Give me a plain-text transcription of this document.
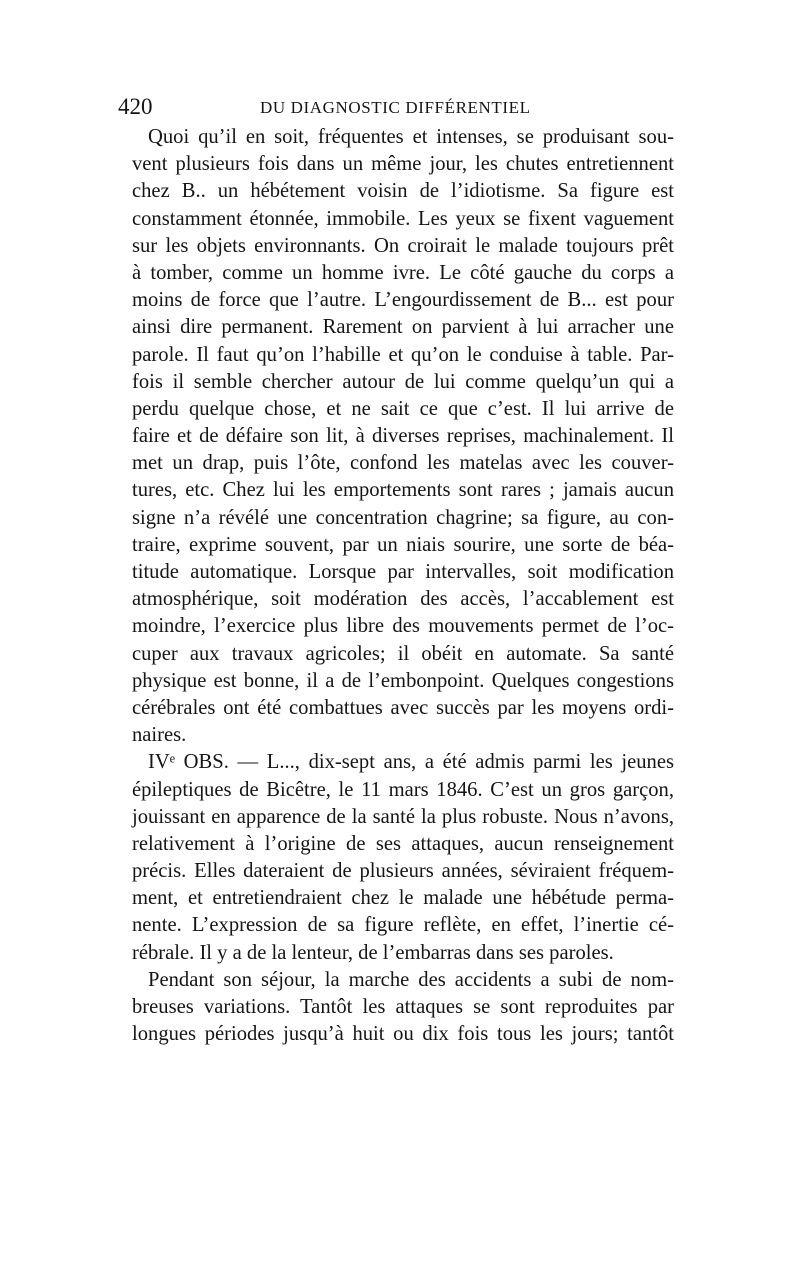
420	DU DIAGNOSTIC DIFFÉRENTIEL
Quoi qu’il en soit, fréquentes et intenses, se produisant sou-
vent plusieurs fois dans un même jour, les chutes entretiennent
chez B.. un hébétement voisin de l’idiotisme. Sa figure est
constamment étonnée, immobile. Les yeux se fixent vaguement
sur les objets environnants. On croirait le malade toujours prêt
à tomber, comme un homme ivre. Le côté gauche du corps a
moins de force que l’autre. L’engourdissement de B... est pour
ainsi dire permanent. Rarement on parvient à lui arracher une
parole. Il faut qu’on l’habille et qu’on le conduise à table. Par-
fois il semble chercher autour de lui comme quelqu’un qui a
perdu quelque chose, et ne sait ce que c’est. Il lui arrive de
faire et de défaire son lit, à diverses reprises, machinalement. Il
met un drap, puis l’ôte, confond les matelas avec les couver-
tures, etc. Chez lui les emportements sont rares ; jamais aucun
signe n’a révélé une concentration chagrine; sa figure, au con-
traire, exprime souvent, par un niais sourire, une sorte de béa-
titude automatique. Lorsque par intervalles, soit modification
atmosphérique, soit modération des accès, l’accablement est
moindre, l’exercice plus libre des mouvements permet de l’oc-
cuper aux travaux agricoles; il obéit en automate. Sa santé
physique est bonne, il a de l’embonpoint. Quelques congestions
cérébrales ont été combattues avec succès par les moyens ordi-
naires.
IVᵉ OBS. — L..., dix-sept ans, a été admis parmi les jeunes
épileptiques de Bicêtre, le 11 mars 1846. C’est un gros garçon,
jouissant en apparence de la santé la plus robuste. Nous n’avons,
relativement à l’origine de ses attaques, aucun renseignement
précis. Elles dateraient de plusieurs années, séviraient fréquem-
ment, et entretiendraient chez le malade une hébétude perma-
nente. L’expression de sa figure reflète, en effet, l’inertie cé-
rébrale. Il y a de la lenteur, de l’embarras dans ses paroles.
Pendant son séjour, la marche des accidents a subi de nom-
breuses variations. Tantôt les attaques se sont reproduites par
longues périodes jusqu’à huit ou dix fois tous les jours; tantôt
